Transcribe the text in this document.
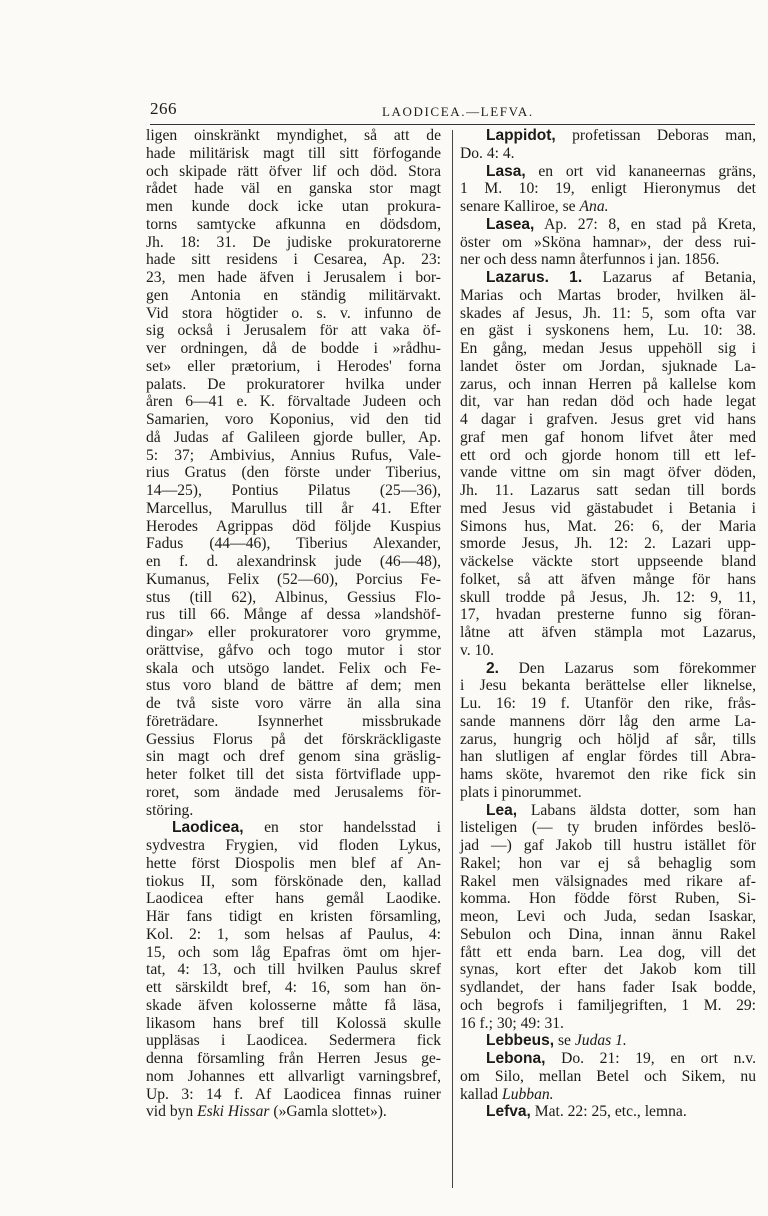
266	LAODICEA.—LEFVA.
ligen oinskränkt myndighet, så att de
hade militärisk magt till sitt förfogande
och skipade rätt öfver lif och död. Stora
rådet hade väl en ganska stor magt
men kunde dock icke utan prokura-
torns samtycke afkunna en dödsdom,
Jh. 18: 31. De judiske prokuratorerne
hade sitt residens i Cesarea, Ap. 23:
23, men hade äfven i Jerusalem i bor-
gen Antonia en ständig militärvakt.
Vid stora högtider o. s. v. infunno de
sig också i Jerusalem för att vaka öf-
ver ordningen, då de bodde i »rådhu-
set» eller prætorium, i Herodes' forna
palats. De prokuratorer hvilka under
åren 6—41 e. K. förvaltade Judeen och
Samarien, voro Koponius, vid den tid
då Judas af Galileen gjorde buller, Ap.
5: 37; Ambivius, Annius Rufus, Vale-
rius Gratus (den förste under Tiberius,
14—25), Pontius Pilatus (25—36),
Marcellus, Marullus till år 41. Efter
Herodes Agrippas död följde Kuspius
Fadus (44—46), Tiberius Alexander,
en f. d. alexandrinsk jude (46—48),
Kumanus, Felix (52—60), Porcius Fe-
stus (till 62), Albinus, Gessius Flo-
rus till 66. Månge af dessa »landshöf-
dingar» eller prokuratorer voro grymme,
orättvise, gåfvo och togo mutor i stor
skala och utsögo landet. Felix och Fe-
stus voro bland de bättre af dem; men
de två siste voro värre än alla sina
företrädare. Isynnerhet missbrukade
Gessius Florus på det förskräckligaste
sin magt och dref genom sina gräslig-
heter folket till det sista förtvifladе upp-
roret, som ändade med Jerusalems för-
störing.
Laodicea, en stor handelsstad i
sydvestra Frygien, vid floden Lykus,
hette först Diospolis men blef af An-
tiokus II, som förskönade den, kallad
Laodicea efter hans gemål Laodike.
Här fans tidigt en kristen församling,
Kol. 2: 1, som helsas af Paulus, 4:
15, och som låg Epafras ömt om hjer-
tat, 4: 13, och till hvilken Paulus skref
ett särskildt bref, 4: 16, som han ön-
skade äfven kolosserne måtte få läsa,
likasom hans bref till Kolossä skulle
uppläsas i Laodicea. Sedermera fick
denna församling från Herren Jesus ge-
nom Johannes ett allvarligt varningsbref,
Up. 3: 14 f. Af Laodicea finnas ruiner
vid byn Eski Hissar (»Gamla slottet»).
Lappidot, profetissan Deboras man,
Do. 4: 4.
Lasa, en ort vid kananeernas gräns,
1 M. 10: 19, enligt Hieronymus det
senare Kalliroe, se Ana.
Lasea, Ap. 27: 8, en stad på Kreta,
öster om »Sköna hamnar», der dess rui-
ner och dess namn återfunnos i jan. 1856.
Lazarus. 1. Lazarus af Betania,
Marias och Martas broder, hvilken äl-
skades af Jesus, Jh. 11: 5, som ofta var
en gäst i syskonens hem, Lu. 10: 38.
En gång, medan Jesus uppehöll sig i
landet öster om Jordan, sjuknade La-
zarus, och innan Herren på kallelse kom
dit, var han redan död och hade legat
4 dagar i grafven. Jesus gret vid hans
graf men gaf honom lifvet åter med
ett ord och gjorde honom till ett lef-
vande vittne om sin magt öfver döden,
Jh. 11. Lazarus satt sedan till bords
med Jesus vid gästabudet i Betania i
Simons hus, Mat. 26: 6, der Maria
smorde Jesus, Jh. 12: 2. Lazari upp-
väckelse väckte stort uppseende bland
folket, så att äfven månge för hans
skull trodde på Jesus, Jh. 12: 9, 11,
17, hvadan presterne funno sig föran-
låtne att äfven stämpla mot Lazarus,
v. 10.
2. Den Lazarus som förekommer
i Jesu bekanta berättelse eller liknelse,
Lu. 16: 19 f. Utanför den rike, frås-
sande mannens dörr låg den arme La-
zarus, hungrig och höljd af sår, tills
han slutligen af englar fördes till Abra-
hams sköte, hvaremot den rike fick sin
plats i pinorummet.
Lea, Labans äldsta dotter, som han
listeligen (— ty bruden infördes beslö-
jad —) gaf Jakob till hustru istället för
Rakel; hon var ej så behaglig som
Rakel men välsignades med rikare af-
komma. Hon födde först Ruben, Si-
meon, Levi och Juda, sedan Isaskar,
Sebulon och Dina, innan ännu Rakel
fått ett enda barn. Lea dog, vill det
synas, kort efter det Jakob kom till
sydlandet, der hans fader Isak bodde,
och begrofs i familjegriften, 1 M. 29:
16 f.; 30; 49: 31.
Lebbeus, se Judas 1.
Lebona, Do. 21: 19, en ort n.v.
om Silo, mellan Betel och Sikem, nu
kallad Lubban.
Lefva, Mat. 22: 25, etc., lemna.
